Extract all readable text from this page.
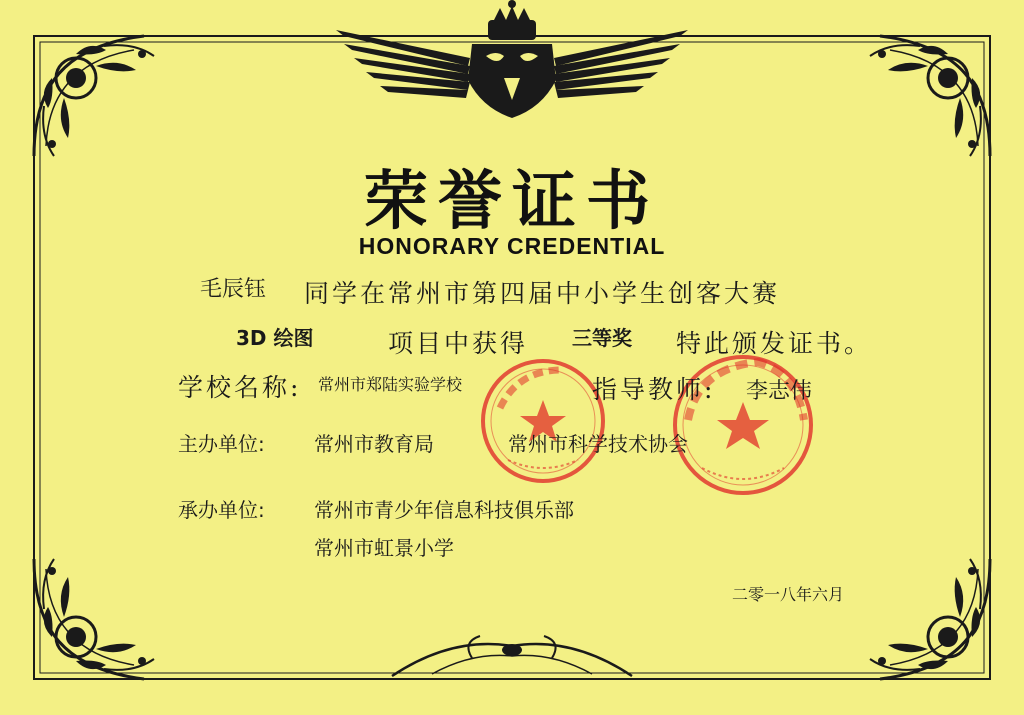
荣誉证书
HONORARY CREDENTIAL
毛辰钰 同学在常州市第四届中小学生创客大赛
3D 绘图	项目中获得 三等奖 特此颁发证书。
学校名称: 常州市郑陆实验学校	指导教师: 李志伟
主办单位: 常州市教育局	常州市科学技术协会
承办单位: 常州市青少年信息科技俱乐部
常州市虹景小学
二零一八年六月
